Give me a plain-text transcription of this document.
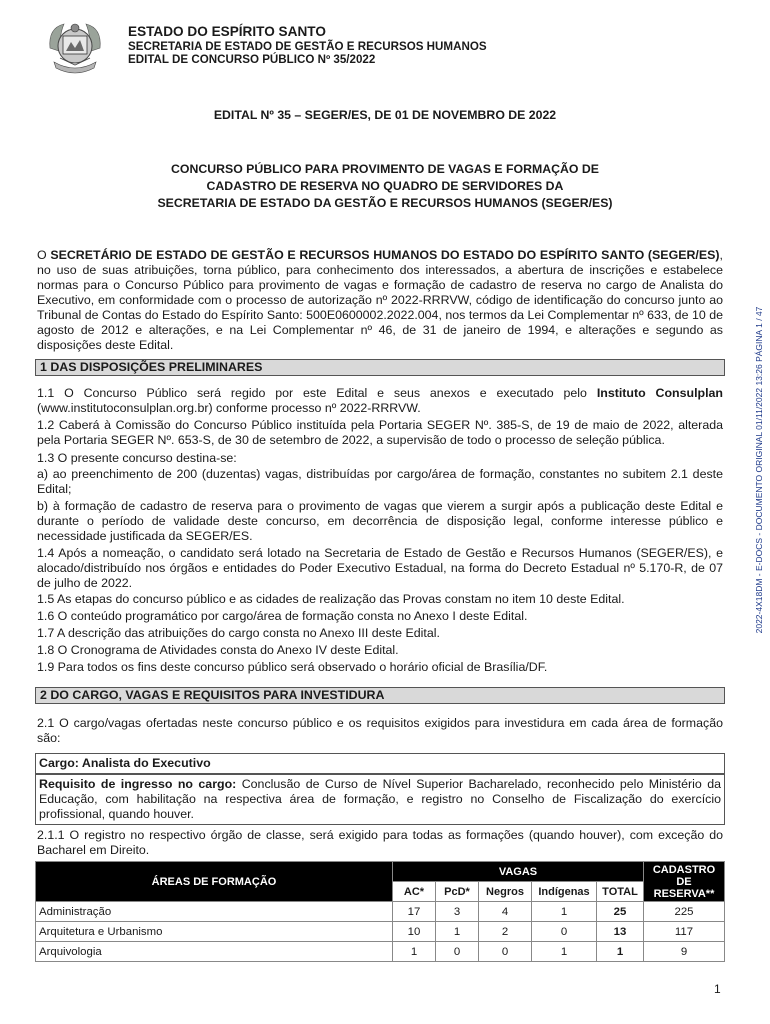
ESTADO DO ESPÍRITO SANTO
SECRETARIA DE ESTADO DE GESTÃO E RECURSOS HUMANOS
EDITAL DE CONCURSO PÚBLICO Nº 35/2022
EDITAL Nº 35 – SEGER/ES, DE 01 DE NOVEMBRO DE 2022
CONCURSO PÚBLICO PARA PROVIMENTO DE VAGAS E FORMAÇÃO DE
CADASTRO DE RESERVA NO QUADRO DE SERVIDORES DA
SECRETARIA DE ESTADO DA GESTÃO E RECURSOS HUMANOS (SEGER/ES)
O SECRETÁRIO DE ESTADO DE GESTÃO E RECURSOS HUMANOS DO ESTADO DO ESPÍRITO SANTO (SEGER/ES), no uso de suas atribuições, torna público, para conhecimento dos interessados, a abertura de inscrições e estabelece normas para o Concurso Público para provimento de vagas e formação de cadastro de reserva no cargo de Analista do Executivo, em conformidade com o processo de autorização nº 2022-RRRVW, código de identificação do concurso junto ao Tribunal de Contas do Estado do Espírito Santo: 500E0600002.2022.004, nos termos da Lei Complementar nº 633, de 10 de agosto de 2012 e alterações, e na Lei Complementar nº 46, de 31 de janeiro de 1994, e alterações e segundo as disposições deste Edital.
1 DAS DISPOSIÇÕES PRELIMINARES
1.1 O Concurso Público será regido por este Edital e seus anexos e executado pelo Instituto Consulplan (www.institutoconsulplan.org.br) conforme processo nº 2022-RRRVW.
1.2 Caberá à Comissão do Concurso Público instituída pela Portaria SEGER Nº. 385-S, de 19 de maio de 2022, alterada pela Portaria SEGER Nº. 653-S, de 30 de setembro de 2022, a supervisão de todo o processo de seleção pública.
1.3 O presente concurso destina-se:
a) ao preenchimento de 200 (duzentas) vagas, distribuídas por cargo/área de formação, constantes no subitem 2.1 deste Edital;
b) à formação de cadastro de reserva para o provimento de vagas que vierem a surgir após a publicação deste Edital e durante o período de validade deste concurso, em decorrência de disposição legal, conforme interesse público e necessidade justificada da SEGER/ES.
1.4 Após a nomeação, o candidato será lotado na Secretaria de Estado de Gestão e Recursos Humanos (SEGER/ES), e alocado/distribuído nos órgãos e entidades do Poder Executivo Estadual, na forma do Decreto Estadual nº 5.170-R, de 07 de julho de 2022.
1.5 As etapas do concurso público e as cidades de realização das Provas constam no item 10 deste Edital.
1.6 O conteúdo programático por cargo/área de formação consta no Anexo I deste Edital.
1.7 A descrição das atribuições do cargo consta no Anexo III deste Edital.
1.8 O Cronograma de Atividades consta do Anexo IV deste Edital.
1.9 Para todos os fins deste concurso público será observado o horário oficial de Brasília/DF.
2 DO CARGO, VAGAS E REQUISITOS PARA INVESTIDURA
2.1 O cargo/vagas ofertadas neste concurso público e os requisitos exigidos para investidura em cada área de formação são:
Cargo: Analista do Executivo
Requisito de ingresso no cargo: Conclusão de Curso de Nível Superior Bacharelado, reconhecido pelo Ministério da Educação, com habilitação na respectiva área de formação, e registro no Conselho de Fiscalização do exercício profissional, quando houver.
2.1.1 O registro no respectivo órgão de classe, será exigido para todas as formações (quando houver), com exceção do Bacharel em Direito.
ÁREAS DE FORMAÇÃO	VAGAS					CADASTRO DE RESERVA**
	AC*	PcD*	Negros	Indígenas	TOTAL	
Administração	17	3	4	1	25	225
Arquitetura e Urbanismo	10	1	2	0	13	117
Arquivologia	1	0	0	1	1	9
1
2022-4X18DM - E-DOCS - DOCUMENTO ORIGINAL 01/11/2022 13:26 PÁGINA 1 / 47
